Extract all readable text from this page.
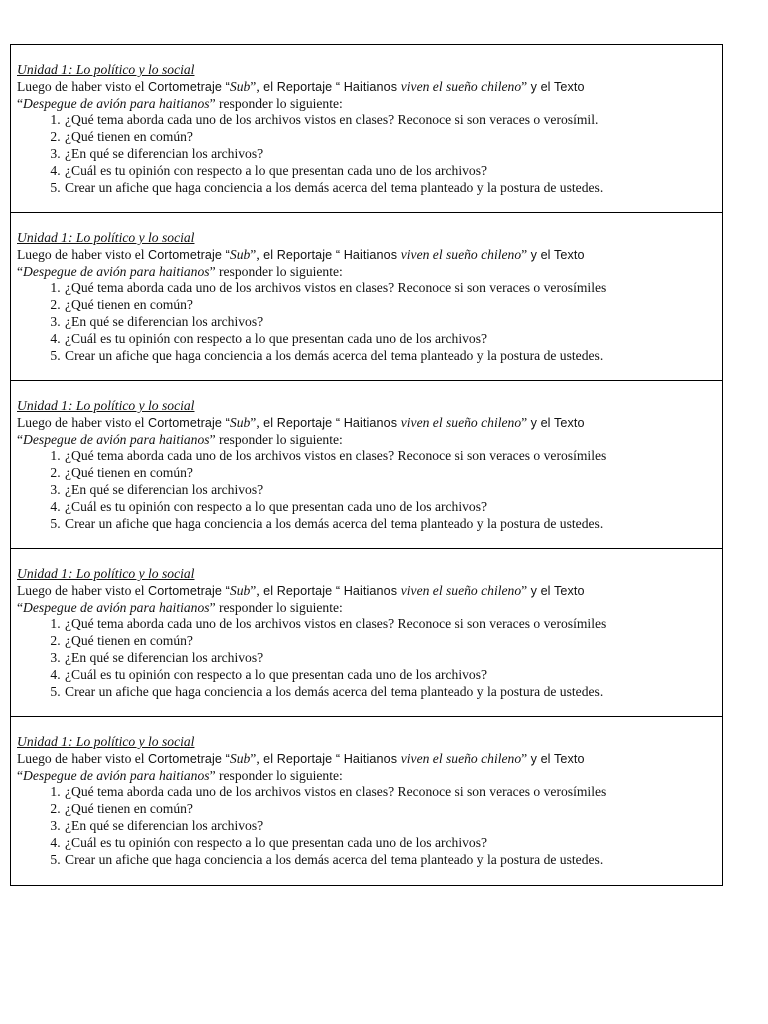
Unidad 1: Lo político y lo social

Luego de haber visto el Cortometraje “Sub”, el Reportaje “ Haitianos viven el sueño chileno” y el Texto
“Despegue de avión para haitianos” responder lo siguiente:

1. ¿Qué tema aborda cada uno de los archivos vistos en clases? Reconoce si son veraces o verosímil.
2. ¿Qué tienen en común?
3. ¿En qué se diferencian los archivos?
4. ¿Cuál es tu opinión con respecto a lo que presentan cada uno de los archivos?
5. Crear un afiche que haga conciencia a los demás acerca del tema planteado y la postura de ustedes.

Unidad 1: Lo político y lo social

Luego de haber visto el Cortometraje “Sub”, el Reportaje “ Haitianos viven el sueño chileno” y el Texto
“Despegue de avión para haitianos” responder lo siguiente:

1. ¿Qué tema aborda cada uno de los archivos vistos en clases? Reconoce si son veraces o verosímiles
2. ¿Qué tienen en común?
3. ¿En qué se diferencian los archivos?
4. ¿Cuál es tu opinión con respecto a lo que presentan cada uno de los archivos?
5. Crear un afiche que haga conciencia a los demás acerca del tema planteado y la postura de ustedes.

Unidad 1: Lo político y lo social

Luego de haber visto el Cortometraje “Sub”, el Reportaje “ Haitianos viven el sueño chileno” y el Texto
“Despegue de avión para haitianos” responder lo siguiente:

1. ¿Qué tema aborda cada uno de los archivos vistos en clases? Reconoce si son veraces o verosímiles
2. ¿Qué tienen en común?
3. ¿En qué se diferencian los archivos?
4. ¿Cuál es tu opinión con respecto a lo que presentan cada uno de los archivos?
5. Crear un afiche que haga conciencia a los demás acerca del tema planteado y la postura de ustedes.

Unidad 1: Lo político y lo social

Luego de haber visto el Cortometraje “Sub”, el Reportaje “ Haitianos viven el sueño chileno” y el Texto
“Despegue de avión para haitianos” responder lo siguiente:

1. ¿Qué tema aborda cada uno de los archivos vistos en clases? Reconoce si son veraces o verosímiles
2. ¿Qué tienen en común?
3. ¿En qué se diferencian los archivos?
4. ¿Cuál es tu opinión con respecto a lo que presentan cada uno de los archivos?
5. Crear un afiche que haga conciencia a los demás acerca del tema planteado y la postura de ustedes.

Unidad 1: Lo político y lo social

Luego de haber visto el Cortometraje “Sub”, el Reportaje “ Haitianos viven el sueño chileno” y el Texto
“Despegue de avión para haitianos” responder lo siguiente:

1. ¿Qué tema aborda cada uno de los archivos vistos en clases? Reconoce si son veraces o verosímiles
2. ¿Qué tienen en común?
3. ¿En qué se diferencian los archivos?
4. ¿Cuál es tu opinión con respecto a lo que presentan cada uno de los archivos?
5. Crear un afiche que haga conciencia a los demás acerca del tema planteado y la postura de ustedes.
